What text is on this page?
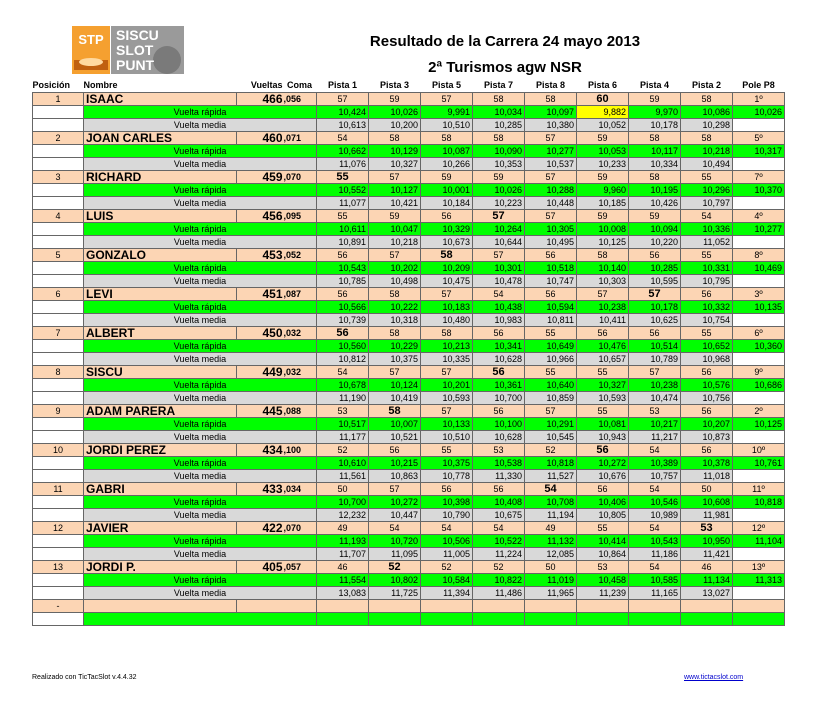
STP SISCU
SLOT
PUNT
Resultado de la Carrera 24 mayo 2013
2ª Turismos agw NSR
Posición	Nombre	Vueltas	Coma	Pista 1	Pista 3	Pista 5	Pista 7	Pista 8	Pista 6	Pista 4	Pista 2	Pole P8
1	ISAAC	466	,056	57	59	57	58	58	60	59	58	1º
	Vuelta rápida			10,424	10,026	9,991	10,034	10,097	9,882	9,970	10,086	10,026
	Vuelta media			10,613	10,200	10,510	10,285	10,380	10,052	10,178	10,298	
2	JOAN CARLES	460	,071	54	58	58	58	57	59	58	58	5º
	Vuelta rápida			10,662	10,129	10,087	10,090	10,277	10,053	10,117	10,218	10,317
	Vuelta media			11,076	10,327	10,266	10,353	10,537	10,233	10,334	10,494	
3	RICHARD	459	,070	55	57	59	59	57	59	58	55	7º
	Vuelta rápida			10,552	10,127	10,001	10,026	10,288	9,960	10,195	10,296	10,370
	Vuelta media			11,077	10,421	10,184	10,223	10,448	10,185	10,426	10,797	
4	LUIS	456	,095	55	59	56	57	57	59	59	54	4º
	Vuelta rápida			10,611	10,047	10,329	10,264	10,305	10,008	10,094	10,336	10,277
	Vuelta media			10,891	10,218	10,673	10,644	10,495	10,125	10,220	11,052	
5	GONZALO	453	,052	56	57	58	57	56	58	56	55	8º
	Vuelta rápida			10,543	10,202	10,209	10,301	10,518	10,140	10,285	10,331	10,469
	Vuelta media			10,785	10,498	10,475	10,478	10,747	10,303	10,595	10,795	
6	LEVI	451	,087	56	58	57	54	56	57	57	56	3º
	Vuelta rápida			10,566	10,222	10,183	10,438	10,594	10,238	10,178	10,332	10,135
	Vuelta media			10,739	10,318	10,480	10,983	10,811	10,411	10,625	10,754	
7	ALBERT	450	,032	56	58	58	56	55	56	56	55	6º
	Vuelta rápida			10,560	10,229	10,213	10,341	10,649	10,476	10,514	10,652	10,360
	Vuelta media			10,812	10,375	10,335	10,628	10,966	10,657	10,789	10,968	
8	SISCU	449	,032	54	57	57	56	55	55	57	56	9º
	Vuelta rápida			10,678	10,124	10,201	10,361	10,640	10,327	10,238	10,576	10,686
	Vuelta media			11,190	10,419	10,593	10,700	10,859	10,593	10,474	10,756	
9	ADAM PARERA	445	,088	53	58	57	56	57	55	53	56	2º
	Vuelta rápida			10,517	10,007	10,133	10,100	10,291	10,081	10,217	10,207	10,125
	Vuelta media			11,177	10,521	10,510	10,628	10,545	10,943	11,217	10,873	
10	JORDI PEREZ	434	,100	52	56	55	53	52	56	54	56	10º
	Vuelta rápida			10,610	10,215	10,375	10,538	10,818	10,272	10,389	10,378	10,761
	Vuelta media			11,561	10,863	10,778	11,330	11,527	10,676	10,757	11,018	
11	GABRI	433	,034	50	57	56	56	54	56	54	50	11º
	Vuelta rápida			10,700	10,272	10,398	10,408	10,708	10,406	10,546	10,608	10,818
	Vuelta media			12,232	10,447	10,790	10,675	11,194	10,805	10,989	11,981	
12	JAVIER	422	,070	49	54	54	54	49	55	54	53	12º
	Vuelta rápida			11,193	10,720	10,506	10,522	11,132	10,414	10,543	10,950	11,104
	Vuelta media			11,707	11,095	11,005	11,224	12,085	10,864	11,186	11,421	
13	JORDI P.	405	,057	46	52	52	52	50	53	54	46	13º
	Vuelta rápida			11,554	10,802	10,584	10,822	11,019	10,458	10,585	11,134	11,313
	Vuelta media			13,083	11,725	11,394	11,486	11,965	11,239	11,165	13,027	
-												

Realizado con TicTacSlot v.4.4.32	www.tictacslot.com
